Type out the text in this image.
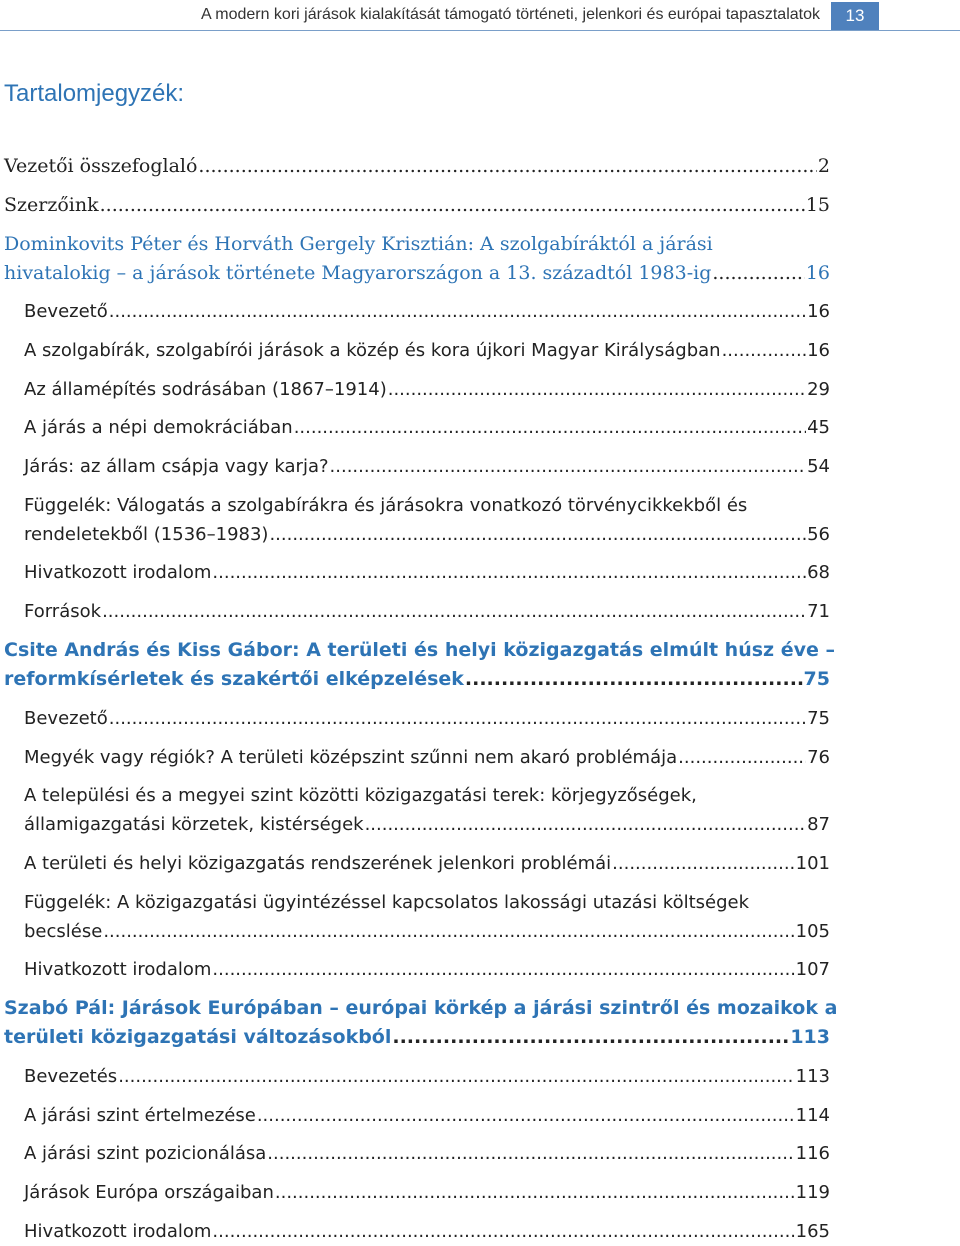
A modern kori járások kialakítását támogató történeti, jelenkori és európai tapasztalatok	13
Tartalomjegyzék:
Vezetői összefoglaló .....	2
Szerzőink .....	15
Dominkovits Péter és Horváth Gergely Krisztián: A szolgabíráktól a járási
hivatalokig – a járások története Magyarországon a 13. századtól 1983-ig .....	16
Bevezető .....	16
A szolgabírák, szolgabírói járások a közép és kora újkori Magyar Királyságban .....	16
Az államépítés sodrásában (1867–1914) .....	29
A járás a népi demokráciában .....	45
Járás: az állam csápja vagy karja? .....	54
Függelék: Válogatás a szolgabírákra és járásokra vonatkozó törvénycikkekből és
rendeletekből (1536–1983) .....	56
Hivatkozott irodalom .....	68
Források .....	71
Csite András és Kiss Gábor: A területi és helyi közigazgatás elmúlt húsz éve –
reformkísérletek és szakértői elképzelések .....	75
Bevezető .....	75
Megyék vagy régiók? A területi középszint szűnni nem akaró problémája .....	76
A települési és a megyei szint közötti közigazgatási terek: körjegyzőségek,
államigazgatási körzetek, kistérségek .....	87
A területi és helyi közigazgatás rendszerének jelenkori problémái .....	101
Függelék: A közigazgatási ügyintézéssel kapcsolatos lakossági utazási költségek
becslése .....	105
Hivatkozott irodalom .....	107
Szabó Pál: Járások Európában – európai körkép a járási szintről és mozaikok a
területi közigazgatási változásokból .....	113
Bevezetés .....	113
A járási szint értelmezése .....	114
A járási szint pozicionálása .....	116
Járások Európa országaiban .....	119
Hivatkozott irodalom .....	165
